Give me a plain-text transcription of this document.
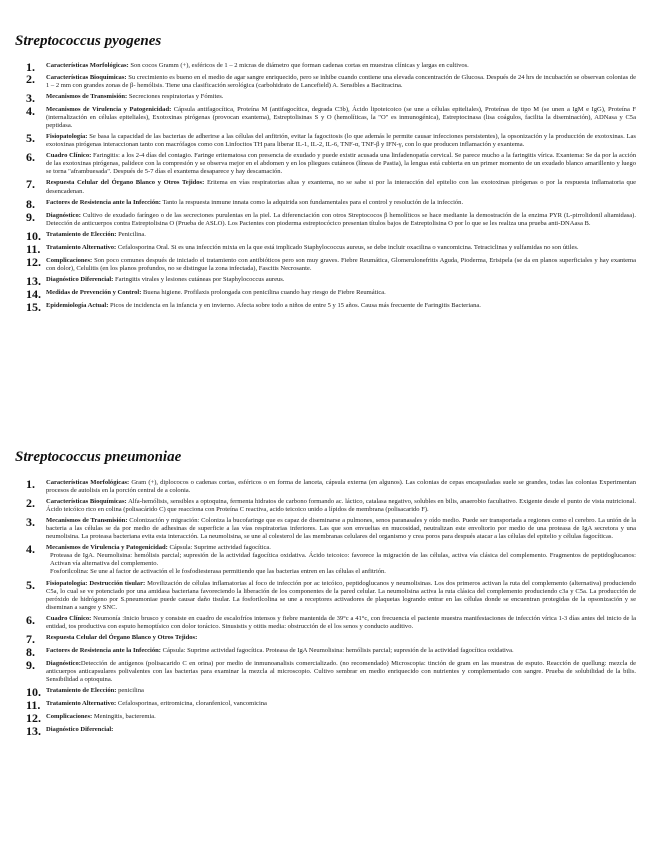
Streptococcus pyogenes
1.	Características Morfológicas: Son cocos Gramm (+), esféricos de 1 – 2 micras de diámetro que forman cadenas cortas en muestras clínicas y largas en cultivos.
2.	Características Bioquímicas: Su crecimiento es bueno en el medio de agar sangre enriquecido, pero se inhibe cuando contiene una elevada concentración de Glucosa. Después de 24 hrs de incubación se observan colonias de 1 – 2 mm con grandes zonas de β- hemólisis. Tiene una clasificación serológica (carbohidrato de Lancefield) A. Sensibles a Bacitracina.
3.	Mecanismos de Transmisión: Secreciones respiratorias y Fómites.
4.	Mecanismos de Virulencia y Patogenicidad: Cápsula antifagocítica, Proteína M (antifagocítica, degrada C3b), Ácido lipoteicoico (se une a células epiteliales), Proteínas de tipo M (se unen a IgM e IgG), Proteína F (internalización en células epiteliales), Exotoxinas pirógenas (provocan exantema), Estreptolisinas S y O (hemolíticas, la "O" es inmunogénica), Estreptocinasa (lisa coágulos, facilita la diseminación), ADNasa y C5a peptidasa.
5.	Fisiopatología: Se basa la capacidad de las bacterias de adherirse a las células del anfitrión, evitar la fagocitosis (lo que además le permite causar infecciones persistentes), la opsonización y la producción de exotoxinas. Las exotoxinas pirógenas interaccionan tanto con macrófagos como con Linfocitos TH para liberar IL-1, IL-2, IL-6, TNF-α, TNF-β y IFN-γ, con lo que producen inflamación y exantema.
6.	Cuadro Clínico: Faringitis: a los 2-4 días del contagio. Faringe eritematosa con presencia de exudado y puede existir acusada una linfadenopatía cervical. Se parece mucho a la faringitis vírica. Exantema: Se da por la acción de las exotoxinas pirógenas, palidece con la compresión y se observa mejor en el abdomen y en los pliegues cutáneos (líneas de Pastia), la lengua está cubierta en un primer momento de un exudado blanco amarillento y luego se torna "aframbuesada". Después de 5-7 días el exantema desaparece y hay descamación.
7.	Respuesta Celular del Órgano Blanco y Otros Tejidos: Eritema en vías respiratorias altas y exantema, no se sabe si por la interacción del epitelio con las exotoxinas pirógenas o por la respuesta inflamatoria que desencadenan.
8.	Factores de Resistencia ante la Infección: Tanto la respuesta inmune innata como la adquirida son fundamentales para el control y resolución de la infección.
9.	Diagnóstico: Cultivo de exudado faríngeo o de las secreciones purulentas en la piel. La diferenciación con otros Streptococos β hemolíticos se hace mediante la demostración de la enzima PYR (L-pirrolidonil aliamidasa). Detección de anticuerpos contra Estreptolisina O (Prueba de ASLO). Los Pacientes con pioderma estreptocócico presentan títulos bajos de Estreptolisina O por lo que se les realiza una prueba anti-DNAasa B.
10. Tratamiento de Elección: Penicilina.
11. Tratamiento Alternativo: Cefalosporina Oral. Si es una infección mixta en la que está implicado Staphylococcus aureus, se debe incluir oxacilina o vancomicina. Tetraciclinas y sulfamidas no son útiles.
12. Complicaciones: Son poco comunes después de iniciado el tratamiento con antibióticos pero son muy graves. Fiebre Reumática, Glomerulonefritis Aguda, Pioderma, Erisipela (se da en planos superficiales y hay exantema con dolor), Celulitis (en los planos profundos, no se distingue la zona infectada), Fascitis Necrosante.
13. Diagnóstico Diferencial: Faringitis virales y lesiones cutáneas por Staphylococcus aureus.
14. Medidas de Prevención y Control: Buena higiene. Profilaxis prolongada con penicilina cuando hay riesgo de Fiebre Reumática.
15. Epidemiología Actual: Picos de incidencia en la infancia y en invierno. Afecta sobre todo a niños de entre 5 y 15 años. Causa más frecuente de Faringitis Bacteriana.
Streptococcus pneumoniae
1.	Características Morfológicas: Gram (+), diplococos o cadenas cortas, esféricos o en forma de lanceta, cápsula externa (en algunos). Las colonias de cepas encapsuladas suele se grandes, todas las colonias Experimentan procesos de autolisis en la porción central de a colonia.
2.	Características Bioquímicas: Alfa-hemólisis, sensibles a optoquina, fermenta hidratos de carbono formando ac. láctico, catalasa negativo, solubles en bilis, anaerobio facultativo. Exigente desde el punto de vista nutricional. Ácido teicóico rico en colina (polisacárido C) que reacciona con Proteína C reactiva, acido teicoico unido a lípidos de membrana (polisacarido F).
3.	Mecanismos de Transmisión: Colonización y migración: Coloniza la bucofaringe que es capaz de diseminarse a pulmones, senos paranasales y oído medio. Puede ser transportada a regiones como el cerebro. La unión de la bacteria a las células se da por medio de adhesinas de superficie a las vías respiratorias inferiores. Las que son envueltas en mucosidad, neutralizan este envoltorio por medio de una proteasa de IgA secretora y una neumolisina. La proteasa bacteriana evita esta interacción. La neumolisina, se une al colesterol de las membranas celulares del organismo y crea poros para después atacar a las células del epitelio y células fagocíticas.
4.	Mecanismos de Virulencia y Patogenicidad: Cápsula: Suprime actividad fagocítica.
Proteasa de IgA. Neumolisina: hemólisis parcial; supresión de la actividad fagocítica oxidativa. Ácido teicoico: favorece la migración de las células, activa vía clásica del complemento. Fragmentos de peptidoglucanos: Activan vía alternativa del complemento.
Fosforilcolina: Se une al factor de activación el le fosfodiesterasa permitiendo que las bacterias entren en las células el anfitrión.
5.	Fisiopatología: Destrucción tisular: Movilización de células inflamatorias al foco de infección por ac teicóico, peptidoglucanos y neumolisinas. Los dos primeros activan la ruta del complemento (alternativa) produciendo C5a, lo cual se ve potenciado por una amidasa bacteriana favoreciendo la liberación de los componentes de la pared celular. La neumolisina activa la ruta clásica del complemento produciendo c3a y C5a. La producción de peróxido de hidrógeno por S.pneumoniae puede causar daño tisular. La fosforilcolina se une a receptores activadores de plaquetas logrando entrar en las células donde se encuentran protegidas de la opsonización y se diseminan a sangre y SNC.
6.	Cuadro Clínico: Neumonía :Inicio brusco y consiste en cuadro de escalofríos intensos y fiebre mantenida de 39°c a 41°c, con frecuencia el paciente muestra manifestaciones de infección vírica 1-3 días antes del inicio de la entidad, tos productiva con esputo hemoptísico con dolor torácico. Sinusistis y otitis media: obstrucción de el los senos y conducto auditivo.
7.	Respuesta Celular del Órgano Blanco y Otros Tejidos:
8.	Factores de Resistencia ante la Infección: Cápsula: Suprime actividad fagocítica. Proteasa de IgA Neumolisina: hemólisis parcial; supresión de la actividad fagocítica oxidativa.
9.	Diagnóstico:Detección de antígenos (polisacarido C en orina) por medio de inmunoanalisis comercializado. (no recomendado) Microscopia: tinción de gram en las muestras de esputo. Reacción de quellung: mezcla de anticuerpos anticapsulares polivalentes con las bacterias para examinar la mezcla al microscopio. Cultivo sembrar en medio enriquecido con nutrientes y complementado con sangre. Prueba de solubilidad de la bilis. Sensibilidad a optoquina.
10. Tratamiento de Elección: penicilina
11. Tratamiento Alternativo: Cefalosporinas, eritromicina, cloranfenicol, vancomicina
12. Complicaciones: Meningitis, bacteremia.
13. Diagnóstico Diferencial:
